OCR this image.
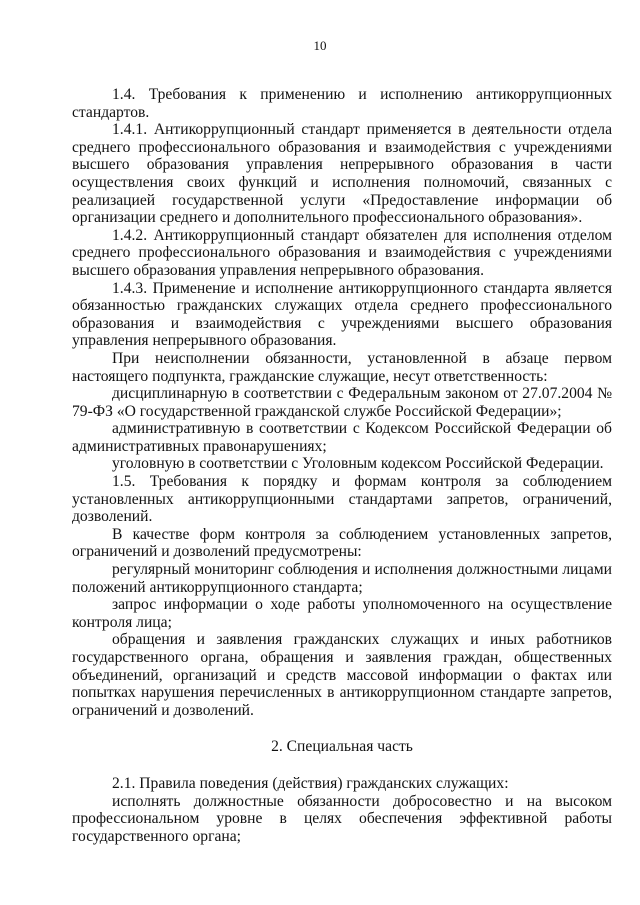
10

1.4. Требования к применению и исполнению антикоррупционных стандартов.

1.4.1. Антикоррупционный стандарт применяется в деятельности отдела среднего профессионального образования и взаимодействия с учреждениями высшего образования управления непрерывного образования в части осуществления своих функций и исполнения полномочий, связанных с реализацией государственной услуги «Предоставление информации об организации среднего и дополнительного профессионального образования».

1.4.2. Антикоррупционный стандарт обязателен для исполнения отделом среднего профессионального образования и взаимодействия с учреждениями высшего образования управления непрерывного образования.

1.4.3. Применение и исполнение антикоррупционного стандарта является обязанностью гражданских служащих отдела среднего профессионального образования и взаимодействия с учреждениями высшего образования управления непрерывного образования.

При неисполнении обязанности, установленной в абзаце первом настоящего подпункта, гражданские служащие, несут ответственность:

дисциплинарную в соответствии с Федеральным законом от 27.07.2004 № 79-ФЗ «О государственной гражданской службе Российской Федерации»;

административную в соответствии с Кодексом Российской Федерации об административных правонарушениях;

уголовную в соответствии с Уголовным кодексом Российской Федерации.

1.5. Требования к порядку и формам контроля за соблюдением установленных антикоррупционными стандартами запретов, ограничений, дозволений.

В качестве форм контроля за соблюдением установленных запретов, ограничений и дозволений предусмотрены:

регулярный мониторинг соблюдения и исполнения должностными лицами положений антикоррупционного стандарта;

запрос информации о ходе работы уполномоченного на осуществление контроля лица;

обращения и заявления гражданских служащих и иных работников государственного органа, обращения и заявления граждан, общественных объединений, организаций и средств массовой информации о фактах или попытках нарушения перечисленных в антикоррупционном стандарте запретов, ограничений и дозволений.

2. Специальная часть

2.1. Правила поведения (действия) гражданских служащих:

исполнять должностные обязанности добросовестно и на высоком профессиональном уровне в целях обеспечения эффективной работы государственного органа;
